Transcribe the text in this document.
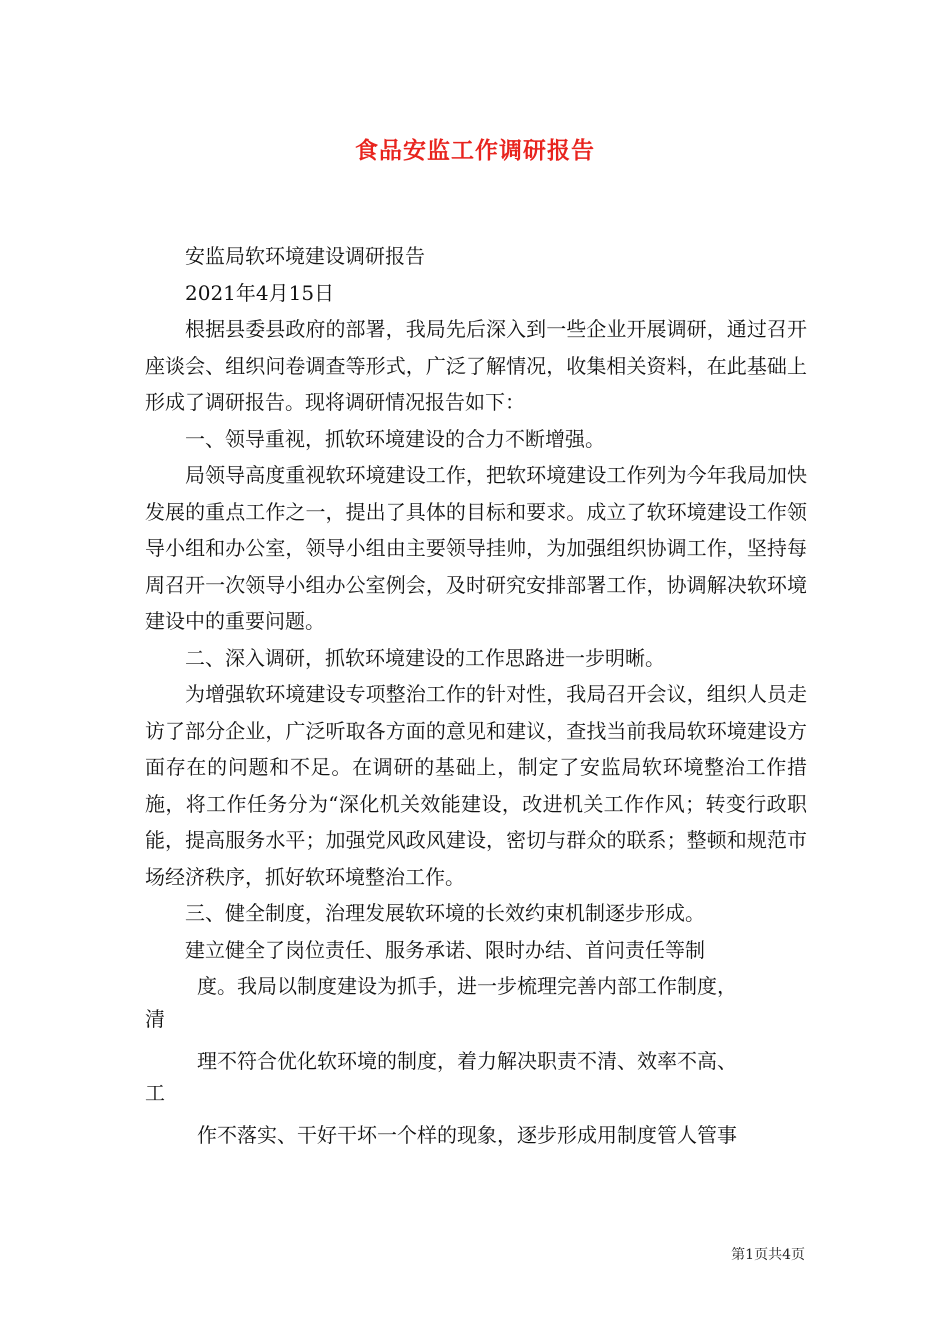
食品安监工作调研报告

安监局软环境建设调研报告

2021年4月15日

根据县委县政府的部署，我局先后深入到一些企业开展调研，通过召开座谈会、组织问卷调查等形式，广泛了解情况，收集相关资料，在此基础上形成了调研报告。现将调研情况报告如下：

一、领导重视，抓软环境建设的合力不断增强。

局领导高度重视软环境建设工作，把软环境建设工作列为今年我局加快发展的重点工作之一，提出了具体的目标和要求。成立了软环境建设工作领导小组和办公室，领导小组由主要领导挂帅，为加强组织协调工作，坚持每周召开一次领导小组办公室例会，及时研究安排部署工作，协调解决软环境建设中的重要问题。

二、深入调研，抓软环境建设的工作思路进一步明晰。

为增强软环境建设专项整治工作的针对性，我局召开会议，组织人员走访了部分企业，广泛听取各方面的意见和建议，查找当前我局软环境建设方面存在的问题和不足。在调研的基础上，制定了安监局软环境整治工作措施，将工作任务分为“深化机关效能建设，改进机关工作作风；转变行政职能，提高服务水平；加强党风政风建设，密切与群众的联系；整顿和规范市场经济秩序，抓好软环境整治工作。

三、健全制度，治理发展软环境的长效约束机制逐步形成。

建立健全了岗位责任、服务承诺、限时办结、首问责任等制

度。我局以制度建设为抓手，进一步梳理完善内部工作制度，

清

理不符合优化软环境的制度，着力解决职责不清、效率不高、

工

作不落实、干好干坏一个样的现象，逐步形成用制度管人管事

第1页共4页
